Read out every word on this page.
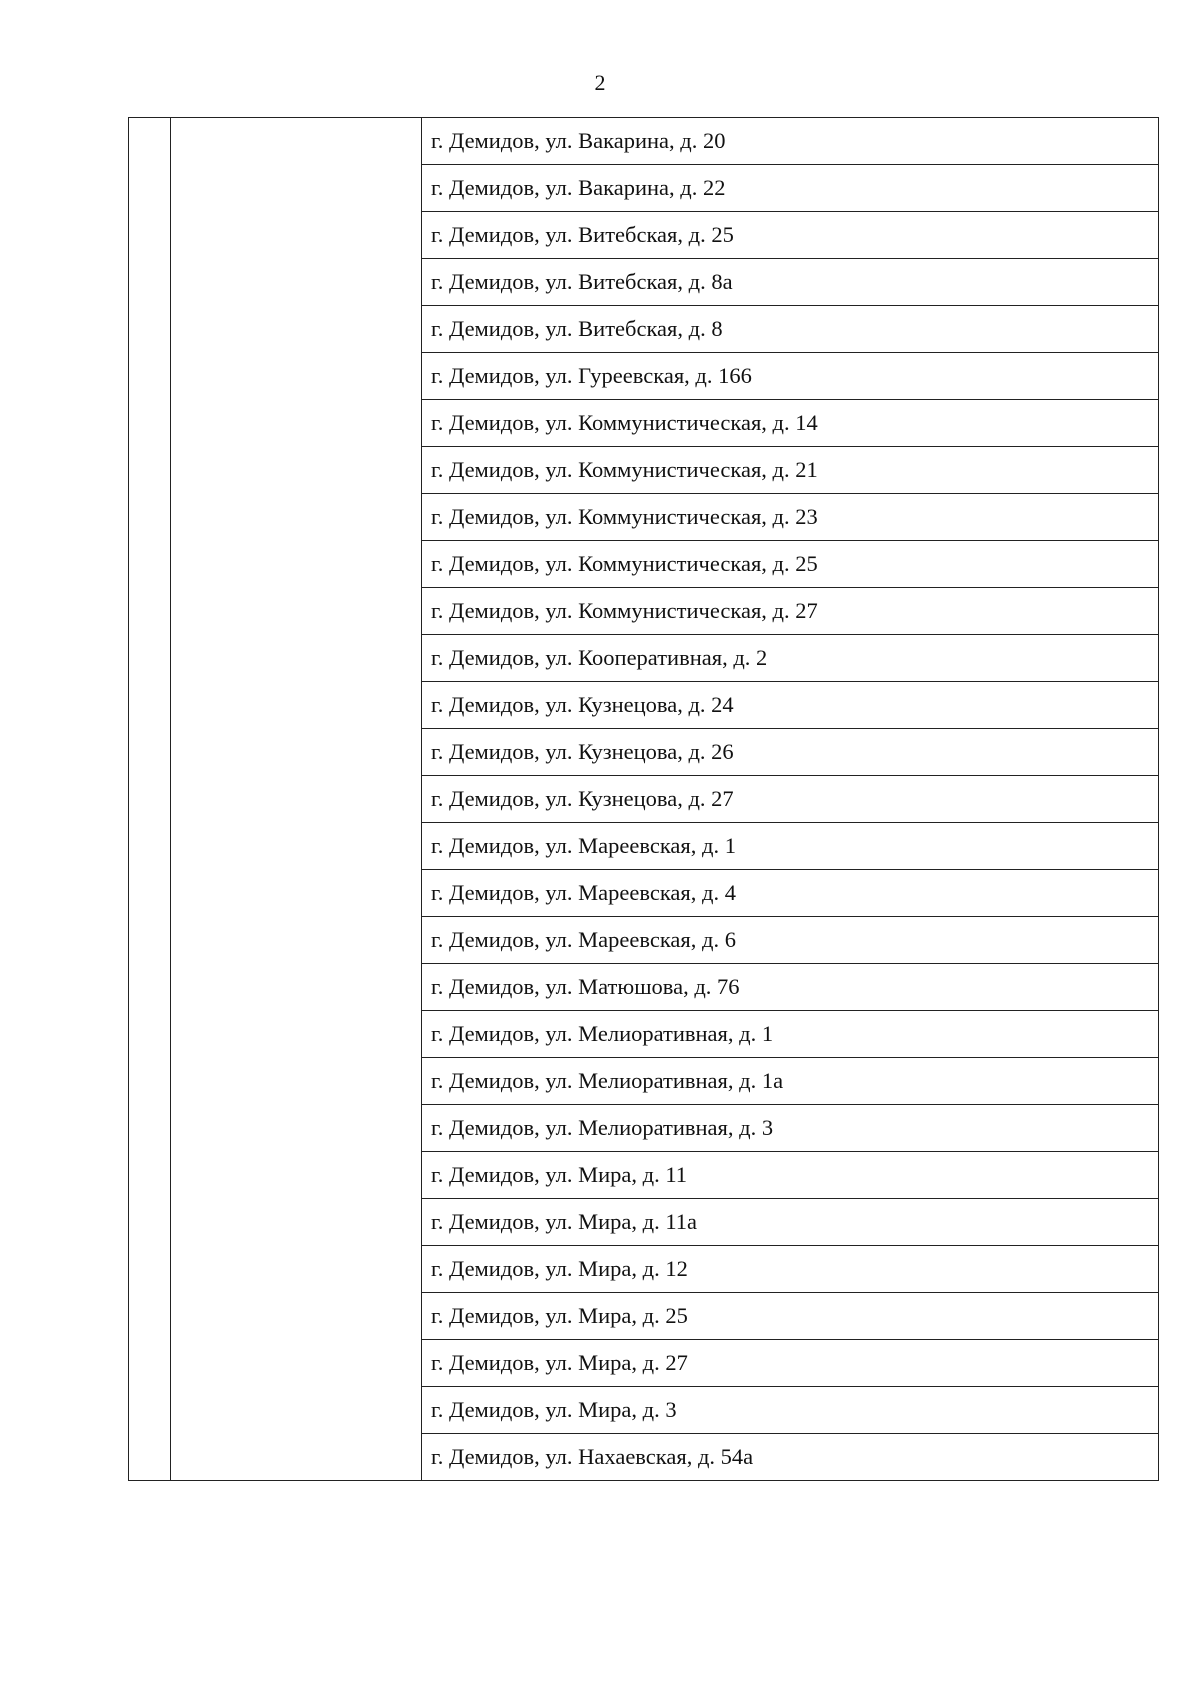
2
		г. Демидов, ул. Вакарина, д. 20
г. Демидов, ул. Вакарина, д. 22
г. Демидов, ул. Витебская, д. 25
г. Демидов, ул. Витебская, д. 8а
г. Демидов, ул. Витебская, д. 8
г. Демидов, ул. Гуреевская, д. 166
г. Демидов, ул. Коммунистическая, д. 14
г. Демидов, ул. Коммунистическая, д. 21
г. Демидов, ул. Коммунистическая, д. 23
г. Демидов, ул. Коммунистическая, д. 25
г. Демидов, ул. Коммунистическая, д. 27
г. Демидов, ул. Кооперативная, д. 2
г. Демидов, ул. Кузнецова, д. 24
г. Демидов, ул. Кузнецова, д. 26
г. Демидов, ул. Кузнецова, д. 27
г. Демидов, ул. Мареевская, д. 1
г. Демидов, ул. Мареевская, д. 4
г. Демидов, ул. Мареевская, д. 6
г. Демидов, ул. Матюшова, д. 76
г. Демидов, ул. Мелиоративная, д. 1
г. Демидов, ул. Мелиоративная, д. 1а
г. Демидов, ул. Мелиоративная, д. 3
г. Демидов, ул. Мира, д. 11
г. Демидов, ул. Мира, д. 11а
г. Демидов, ул. Мира, д. 12
г. Демидов, ул. Мира, д. 25
г. Демидов, ул. Мира, д. 27
г. Демидов, ул. Мира, д. 3
г. Демидов, ул. Нахаевская, д. 54а
